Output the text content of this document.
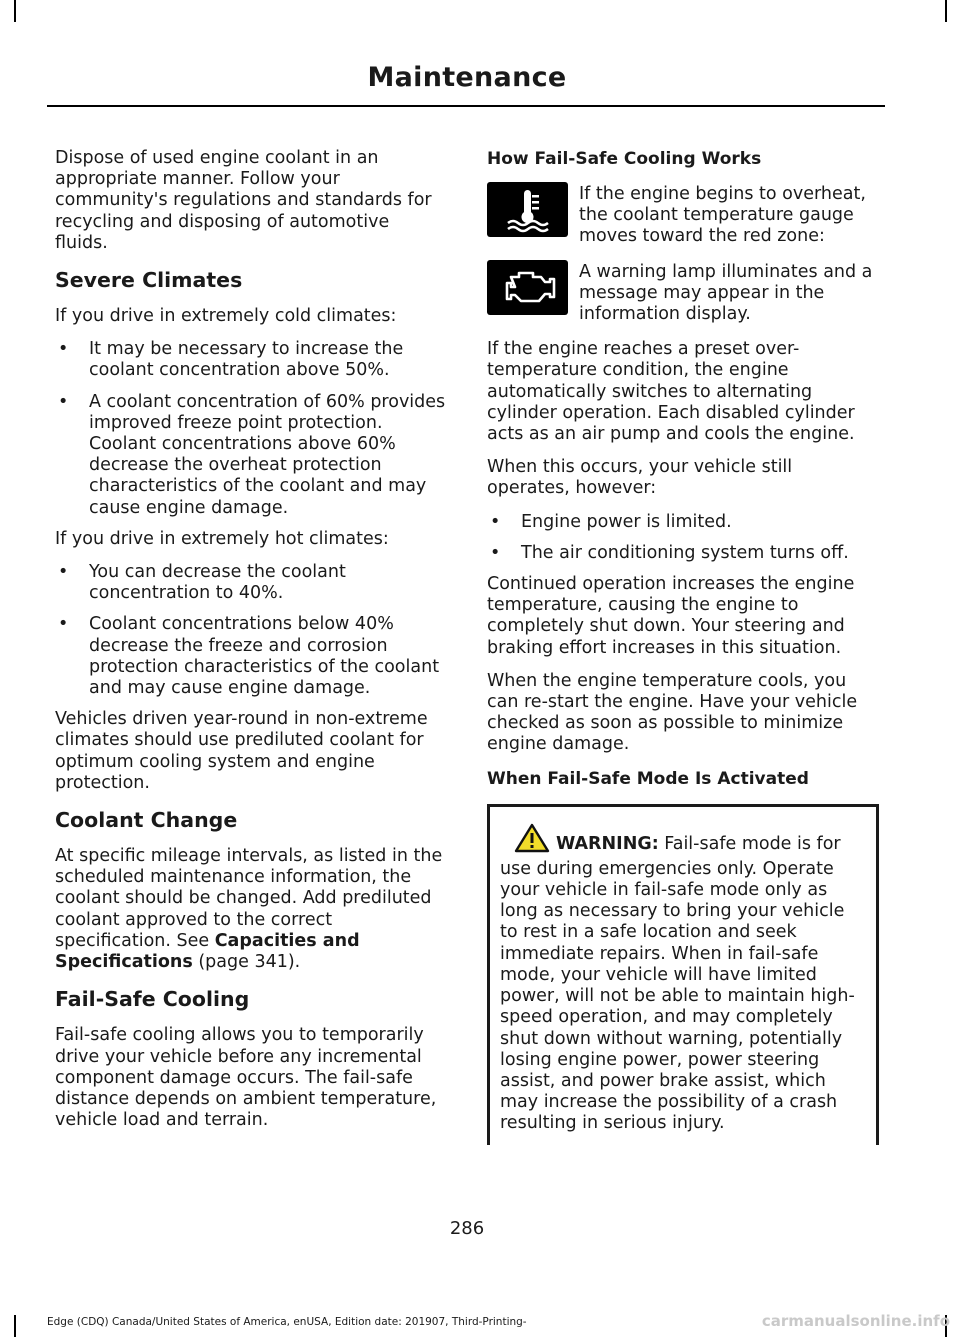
Maintenance

Dispose of used engine coolant in an appropriate manner. Follow your community's regulations and standards for recycling and disposing of automotive fluids.

Severe Climates

If you drive in extremely cold climates:

• It may be necessary to increase the coolant concentration above 50%.
• A coolant concentration of 60% provides improved freeze point protection. Coolant concentrations above 60% decrease the overheat protection characteristics of the coolant and may cause engine damage.

If you drive in extremely hot climates:

• You can decrease the coolant concentration to 40%.
• Coolant concentrations below 40% decrease the freeze and corrosion protection characteristics of the coolant and may cause engine damage.

Vehicles driven year-round in non-extreme climates should use prediluted coolant for optimum cooling system and engine protection.

Coolant Change

At specific mileage intervals, as listed in the scheduled maintenance information, the coolant should be changed. Add prediluted coolant approved to the correct specification. See Capacities and Specifications (page 341).

Fail-Safe Cooling

Fail-safe cooling allows you to temporarily drive your vehicle before any incremental component damage occurs. The fail-safe distance depends on ambient temperature, vehicle load and terrain.

How Fail-Safe Cooling Works

If the engine begins to overheat, the coolant temperature gauge moves toward the red zone:

A warning lamp illuminates and a message may appear in the information display.

If the engine reaches a preset over-temperature condition, the engine automatically switches to alternating cylinder operation. Each disabled cylinder acts as an air pump and cools the engine.

When this occurs, your vehicle still operates, however:

• Engine power is limited.
• The air conditioning system turns off.

Continued operation increases the engine temperature, causing the engine to completely shut down. Your steering and braking effort increases in this situation.

When the engine temperature cools, you can re-start the engine. Have your vehicle checked as soon as possible to minimize engine damage.

When Fail-Safe Mode Is Activated

WARNING: Fail-safe mode is for use during emergencies only. Operate your vehicle in fail-safe mode only as long as necessary to bring your vehicle to rest in a safe location and seek immediate repairs. When in fail-safe mode, your vehicle will have limited power, will not be able to maintain high-speed operation, and may completely shut down without warning, potentially losing engine power, power steering assist, and power brake assist, which may increase the possibility of a crash resulting in serious injury.

286
Edge (CDQ) Canada/United States of America, enUSA, Edition date: 201907, Third-Printing-	carmanualsonline.info
